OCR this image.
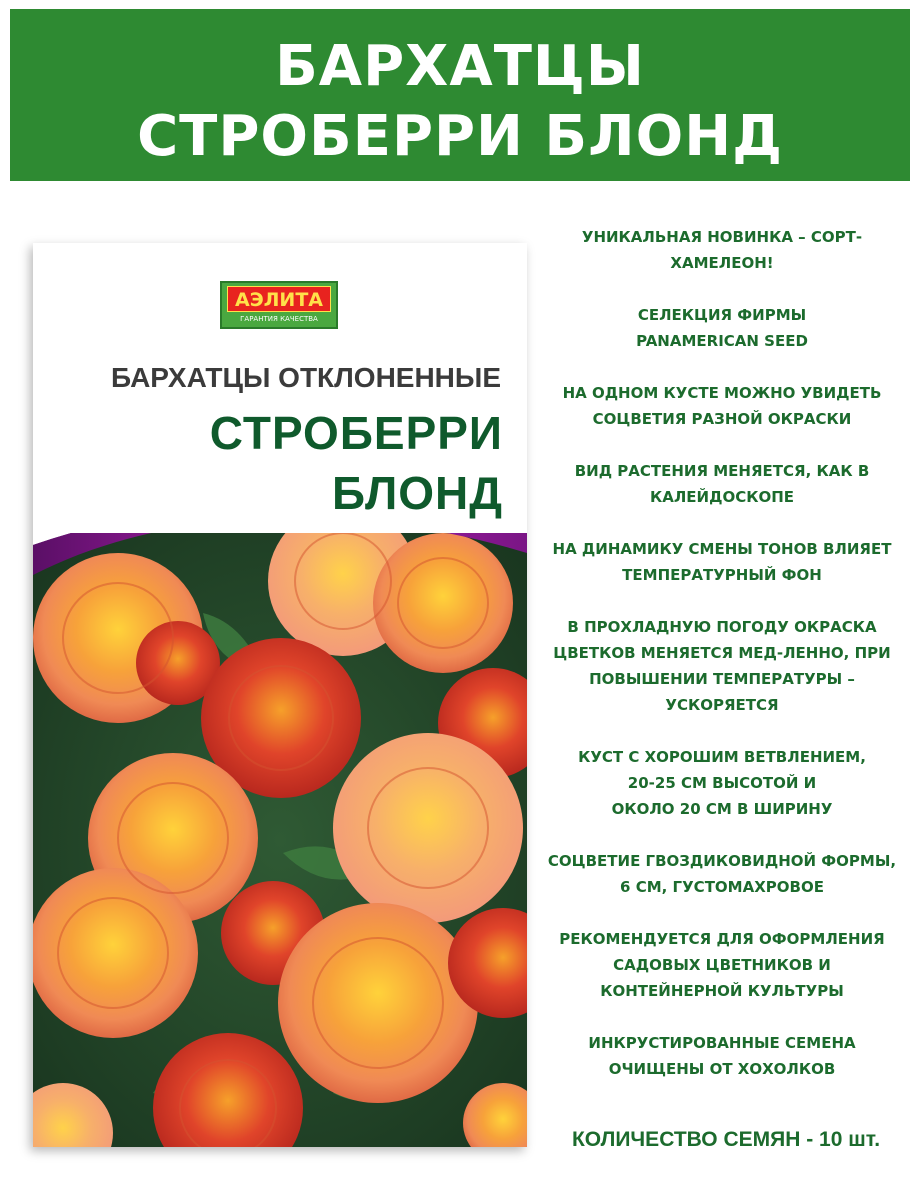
БАРХАТЦЫ
СТРОБЕРРИ БЛОНД
АЭЛИТА
ГАРАНТИЯ КАЧЕСТВА
БАРХАТЦЫ ОТКЛОНЕННЫЕ
СТРОБЕРРИ
БЛОНД
УНИКАЛЬНАЯ НОВИНКА – СОРТ-
ХАМЕЛЕОН!
СЕЛЕКЦИЯ ФИРМЫ
PANAMERICAN SEED
НА ОДНОМ КУСТЕ МОЖНО УВИДЕТЬ
СОЦВЕТИЯ РАЗНОЙ ОКРАСКИ
ВИД РАСТЕНИЯ МЕНЯЕТСЯ, КАК В
КАЛЕЙДОСКОПЕ
НА ДИНАМИКУ СМЕНЫ ТОНОВ ВЛИЯЕТ
ТЕМПЕРАТУРНЫЙ ФОН
В ПРОХЛАДНУЮ ПОГОДУ ОКРАСКА
ЦВЕТКОВ МЕНЯЕТСЯ МЕД-ЛЕННО, ПРИ
ПОВЫШЕНИИ ТЕМПЕРАТУРЫ –
УСКОРЯЕТСЯ
КУСТ С ХОРОШИМ ВЕТВЛЕНИЕМ,
20-25 СМ ВЫСОТОЙ И
ОКОЛО 20 СМ В ШИРИНУ
СОЦВЕТИЕ ГВОЗДИКОВИДНОЙ ФОРМЫ,
6 СМ, ГУСТОМАХРОВОЕ
РЕКОМЕНДУЕТСЯ ДЛЯ ОФОРМЛЕНИЯ
САДОВЫХ ЦВЕТНИКОВ И
КОНТЕЙНЕРНОЙ КУЛЬТУРЫ
ИНКРУСТИРОВАННЫЕ СЕМЕНА
ОЧИЩЕНЫ ОТ ХОХОЛКОВ
КОЛИЧЕСТВО СЕМЯН - 10 шт.
